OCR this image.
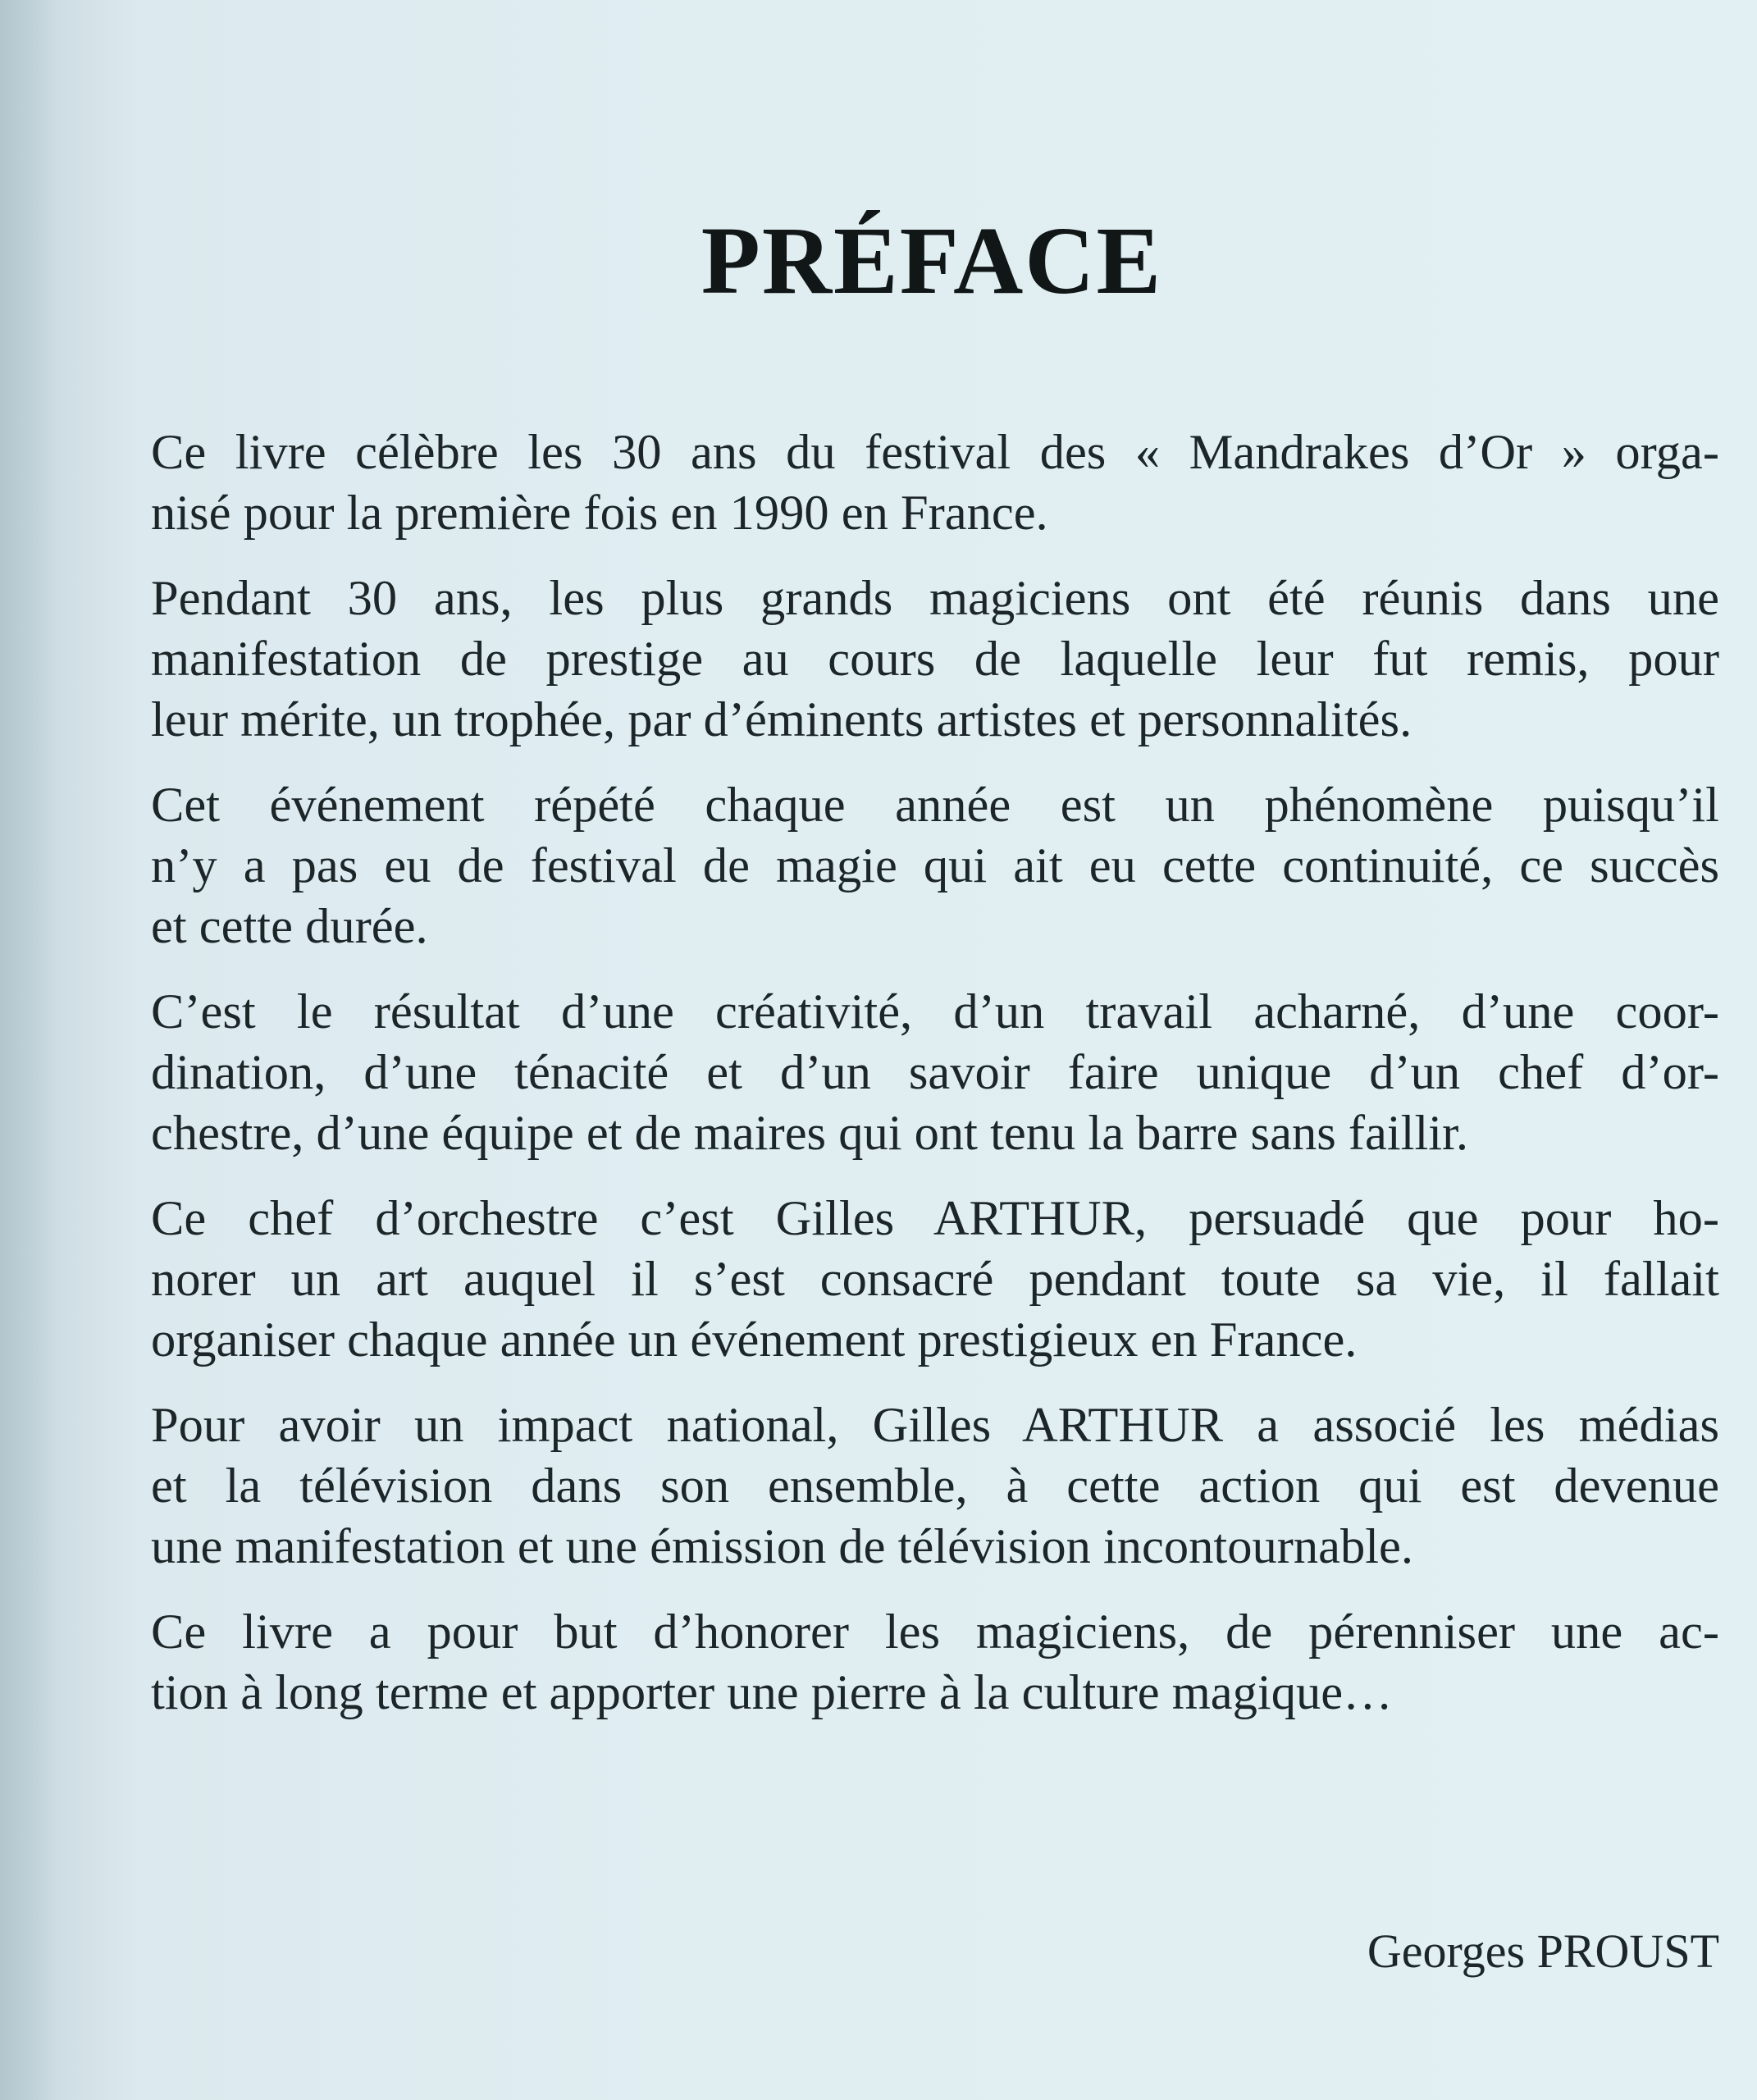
PRÉFACE

Ce livre célèbre les 30 ans du festival des « Mandrakes d’Or » orga-
nisé pour la première fois en 1990 en France.

Pendant 30 ans, les plus grands magiciens ont été réunis dans une
manifestation de prestige au cours de laquelle leur fut remis, pour
leur mérite, un trophée, par d’éminents artistes et personnalités.

Cet événement répété chaque année est un phénomène puisqu’il
n’y a pas eu de festival de magie qui ait eu cette continuité, ce succès
et cette durée.

C’est le résultat d’une créativité, d’un travail acharné, d’une coor-
dination, d’une ténacité et d’un savoir faire unique d’un chef d’or-
chestre, d’une équipe et de maires qui ont tenu la barre sans faillir.

Ce chef d’orchestre c’est Gilles ARTHUR, persuadé que pour ho-
norer un art auquel il s’est consacré pendant toute sa vie, il fallait
organiser chaque année un événement prestigieux en France.

Pour avoir un impact national, Gilles ARTHUR a associé les médias
et la télévision dans son ensemble, à cette action qui est devenue
une manifestation et une émission de télévision incontournable.

Ce livre a pour but d’honorer les magiciens, de pérenniser une ac-
tion à long terme et apporter une pierre à la culture magique…

Georges PROUST
